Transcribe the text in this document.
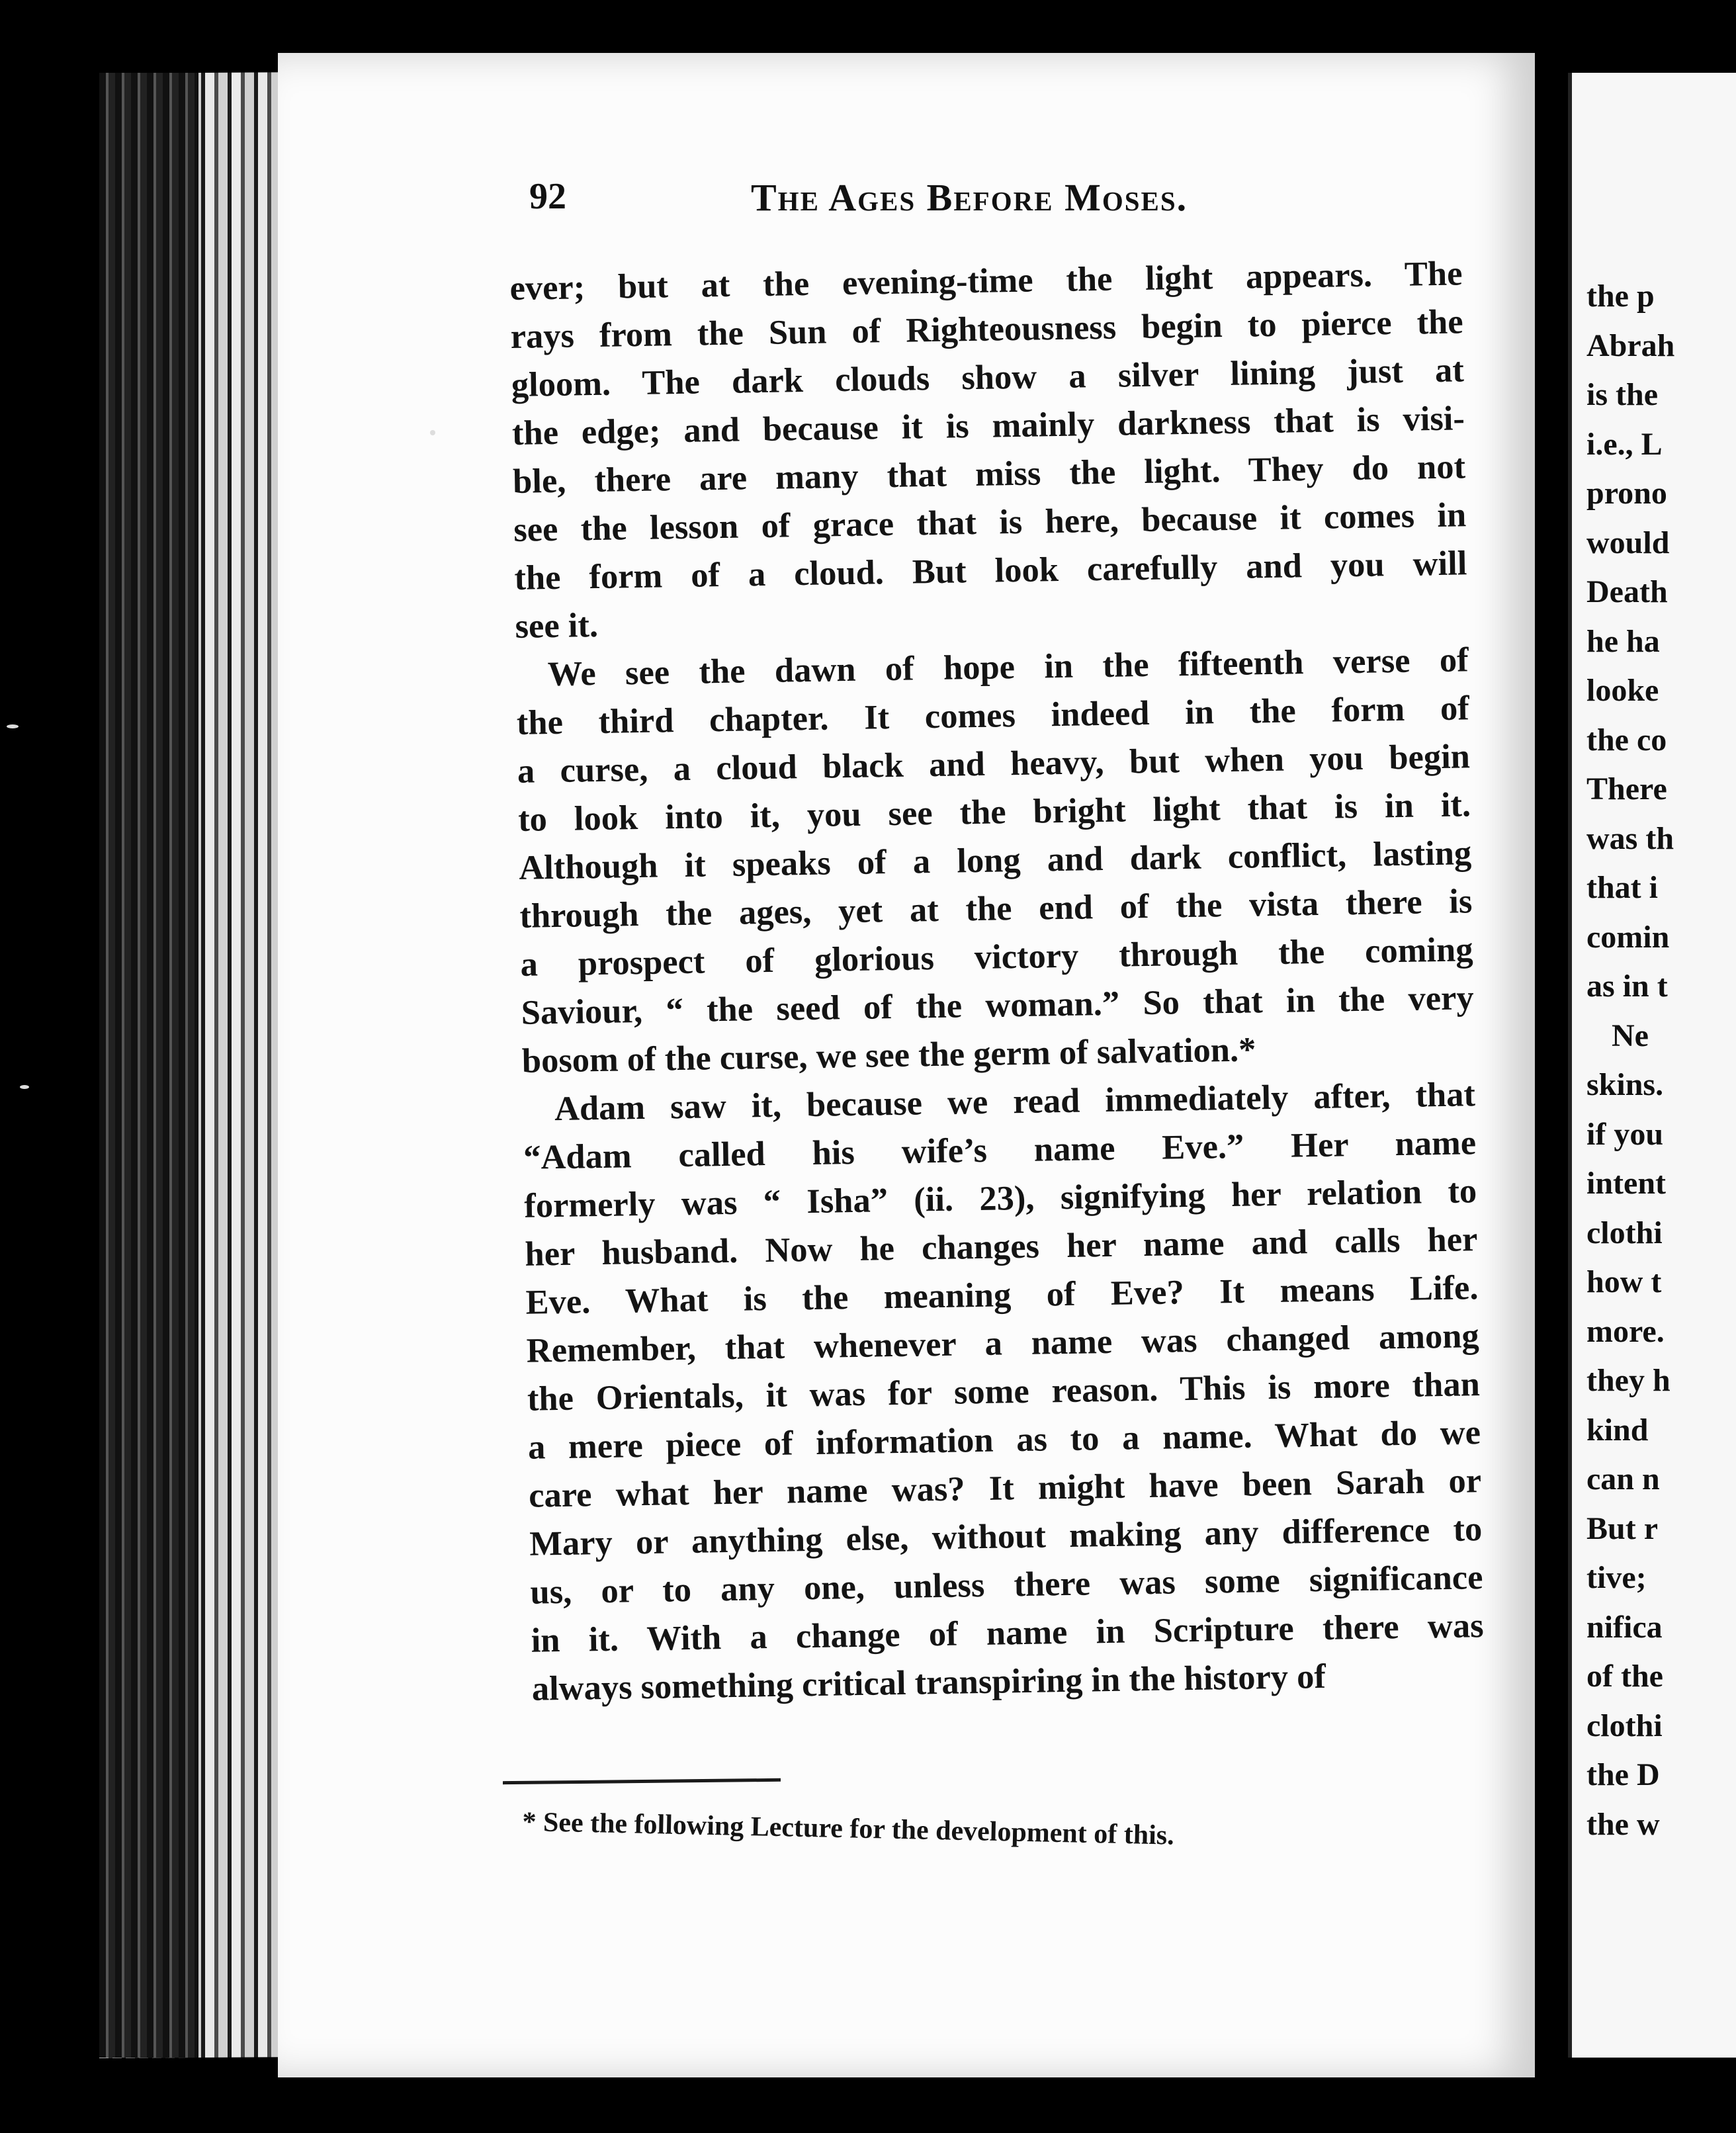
92	The Ages Before Moses.
ever; but at the evening-time the light appears. The
rays from the Sun of Righteousness begin to pierce the
gloom. The dark clouds show a silver lining just at
the edge; and because it is mainly darkness that is visi-
ble, there are many that miss the light. They do not
see the lesson of grace that is here, because it comes in
the form of a cloud. But look carefully and you will
see it.
We see the dawn of hope in the fifteenth verse of
the third chapter. It comes indeed in the form of
a curse, a cloud black and heavy, but when you begin
to look into it, you see the bright light that is in it.
Although it speaks of a long and dark conflict, lasting
through the ages, yet at the end of the vista there is
a prospect of glorious victory through the coming
Saviour, “ the seed of the woman.” So that in the very
bosom of the curse, we see the germ of salvation.*
Adam saw it, because we read immediately after, that
“Adam called his wife’s name Eve.” Her name
formerly was “ Isha” (ii. 23), signifying her relation to
her husband. Now he changes her name and calls her
Eve. What is the meaning of Eve? It means Life.
Remember, that whenever a name was changed among
the Orientals, it was for some reason. This is more than
a mere piece of information as to a name. What do we
care what her name was? It might have been Sarah or
Mary or anything else, without making any difference to
us, or to any one, unless there was some significance
in it. With a change of name in Scripture there was
always something critical transpiring in the history of
* See the following Lecture for the development of this.
the p
Abrah
is the
i.e., L
prono
would
Death
he ha
looke
the co
There
was th
that i
comin
as in t
Ne
skins.
if you
intent
clothi
how t
more.
they h
kind
can n
But r
tive;
nifica
of the
clothi
the D
the w
